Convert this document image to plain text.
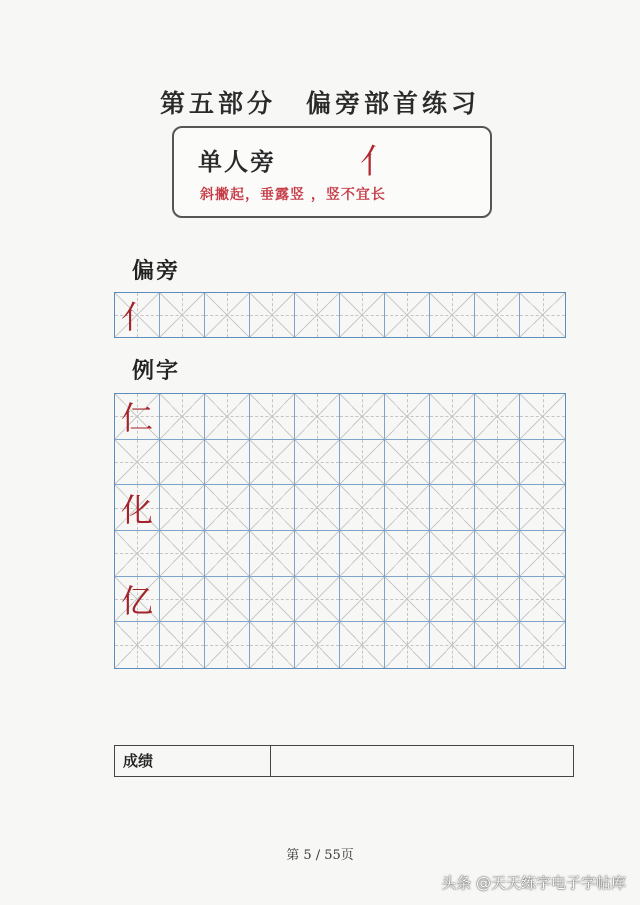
第五部分 偏旁部首练习
单人旁 亻
斜撇起，垂露竖 ，竖不宜长
偏旁
亻
例字
仁
化
亿
成绩
第 5 / 55页
头条 @天天练字电子字帖库
